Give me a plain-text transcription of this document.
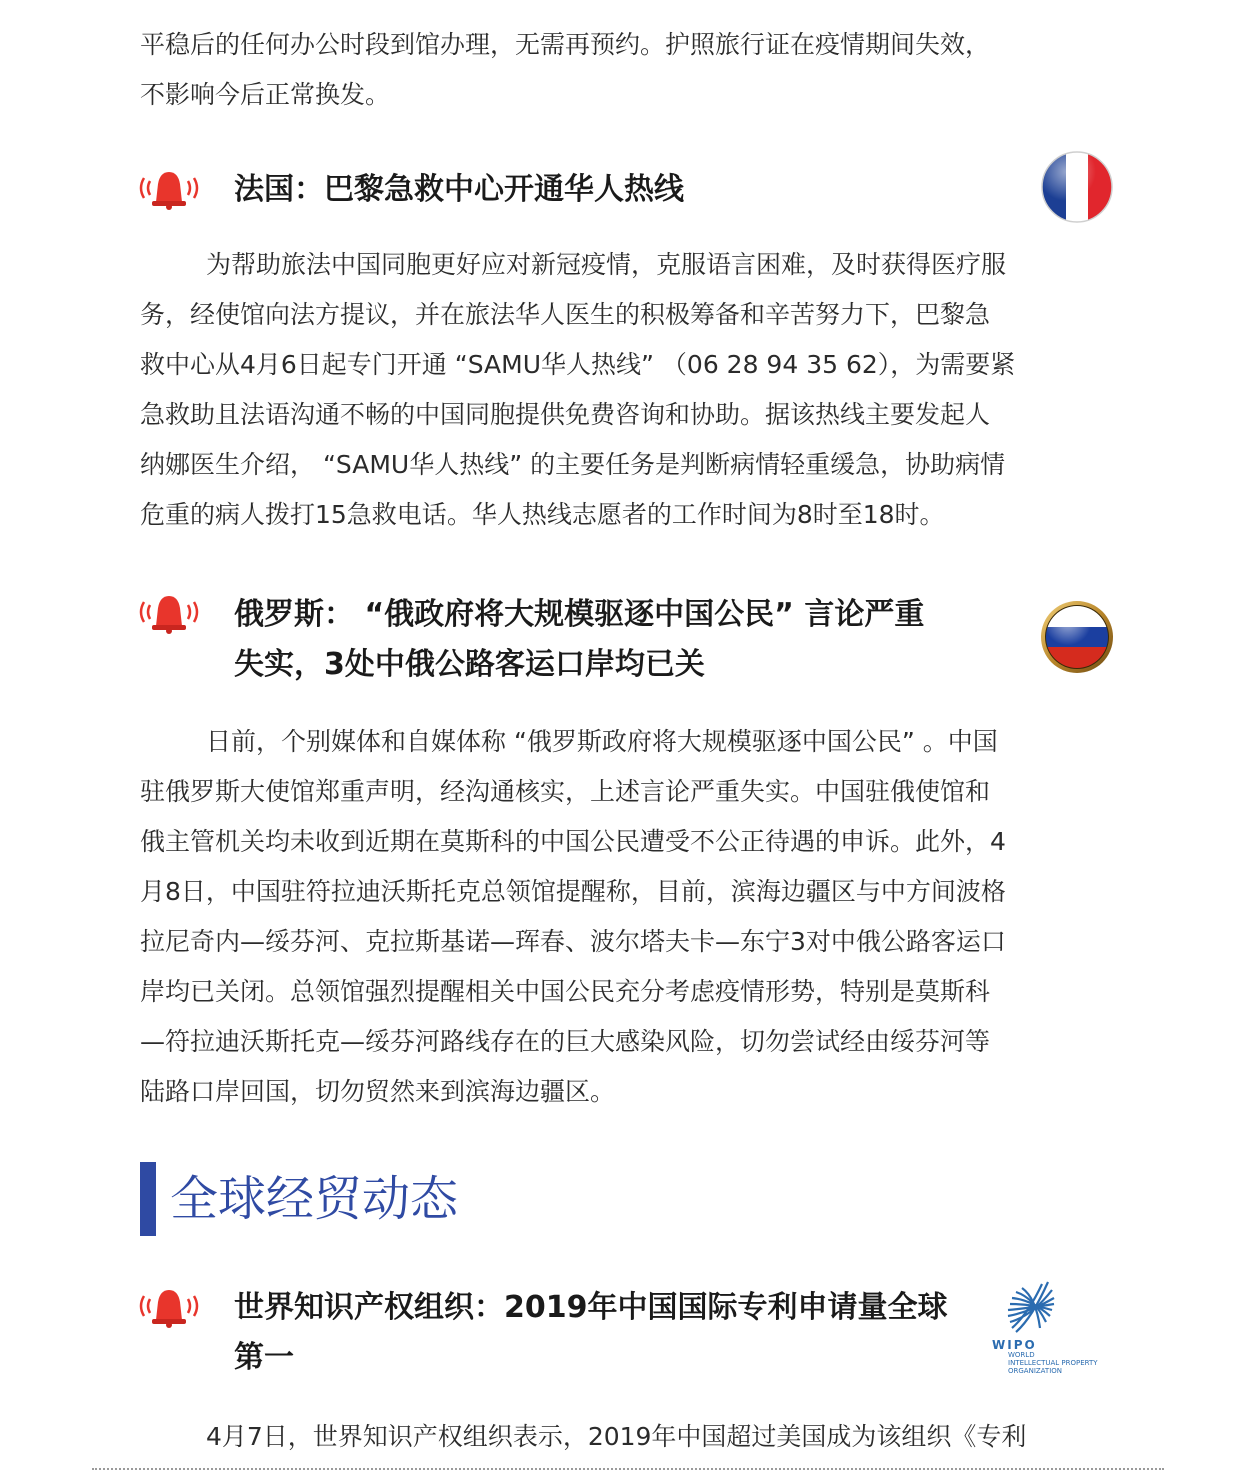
平稳后的任何办公时段到馆办理，无需再预约。护照旅行证在疫情期间失效，
不影响今后正常换发。
法国：巴黎急救中心开通华人热线
为帮助旅法中国同胞更好应对新冠疫情，克服语言困难，及时获得医疗服
务，经使馆向法方提议，并在旅法华人医生的积极筹备和辛苦努力下，巴黎急
救中心从4月6日起专门开通 “SAMU华人热线” （06 28 94 35 62），为需要紧
急救助且法语沟通不畅的中国同胞提供免费咨询和协助。据该热线主要发起人
纳娜医生介绍， “SAMU华人热线” 的主要任务是判断病情轻重缓急，协助病情
危重的病人拨打15急救电话。华人热线志愿者的工作时间为8时至18时。
俄罗斯： “俄政府将大规模驱逐中国公民” 言论严重
失实，3处中俄公路客运口岸均已关
日前，个别媒体和自媒体称 “俄罗斯政府将大规模驱逐中国公民” 。中国
驻俄罗斯大使馆郑重声明，经沟通核实，上述言论严重失实。中国驻俄使馆和
俄主管机关均未收到近期在莫斯科的中国公民遭受不公正待遇的申诉。此外，4
月8日，中国驻符拉迪沃斯托克总领馆提醒称，目前，滨海边疆区与中方间波格
拉尼奇内—绥芬河、克拉斯基诺—珲春、波尔塔夫卡—东宁3对中俄公路客运口
岸均已关闭。总领馆强烈提醒相关中国公民充分考虑疫情形势，特别是莫斯科
—符拉迪沃斯托克—绥芬河路线存在的巨大感染风险，切勿尝试经由绥芬河等
陆路口岸回国，切勿贸然来到滨海边疆区。
全球经贸动态
世界知识产权组织：2019年中国国际专利申请量全球
第一	WIPO
WORLD
INTELLECTUAL PROPERTY
ORGANIZATION
4月7日，世界知识产权组织表示，2019年中国超过美国成为该组织《专利
